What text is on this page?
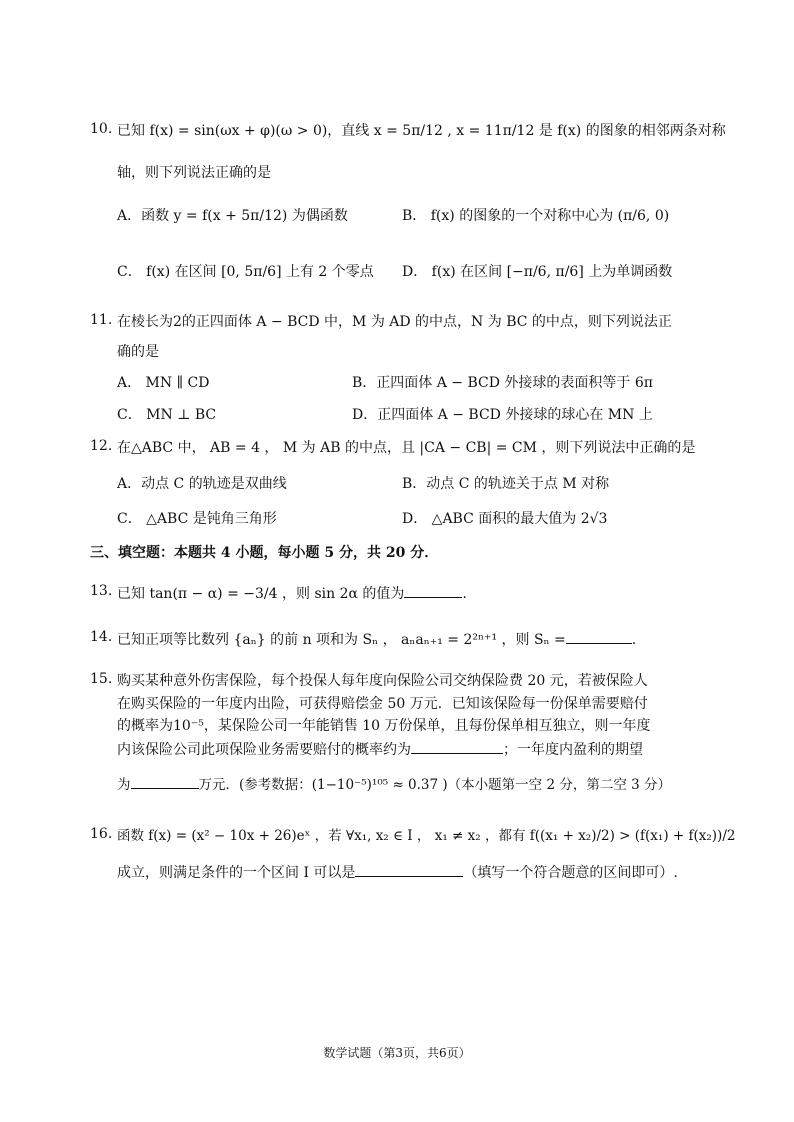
10. 已知 f(x) = sin(ωx + φ)(ω > 0)，直线 x = 5π/12 , x = 11π/12 是 f(x) 的图象的相邻两条对称
轴，则下列说法正确的是
A．函数 y = f(x + 5π/12) 为偶函数	B． f(x) 的图象的一个对称中心为 (π/6, 0)
C． f(x) 在区间 [0, 5π/6] 上有 2 个零点 D． f(x) 在区间 [−π/6, π/6] 上为单调函数
11. 在棱长为2的正四面体 A − BCD 中，M 为 AD 的中点，N 为 BC 的中点，则下列说法正
确的是
A． MN ∥ CD	B．正四面体 A − BCD 外接球的表面积等于 6π
C． MN ⊥ BC	D．正四面体 A − BCD 外接球的球心在 MN 上
12. 在△ABC 中， AB = 4 ， M 为 AB 的中点，且 |CA − CB| = CM ，则下列说法中正确的是
A．动点 C 的轨迹是双曲线	B．动点 C 的轨迹关于点 M 对称
C． △ABC 是钝角三角形	D． △ABC 面积的最大值为 2√3
三、填空题：本题共 4 小题，每小题 5 分，共 20 分．
13. 已知 tan(π − α) = −3/4 ，则 sin 2α 的值为	.
14. 已知正项等比数列 {aₙ} 的前 n 项和为 Sₙ ， aₙaₙ₊₁ = 2²ⁿ⁺¹ ，则 Sₙ =	.
15. 购买某种意外伤害保险，每个投保人每年度向保险公司交纳保险费 20 元，若被保险人
在购买保险的一年度内出险，可获得赔偿金 50 万元．已知该保险每一份保单需要赔付
的概率为10⁻⁵，某保险公司一年能销售 10 万份保单，且每份保单相互独立，则一年度
内该保险公司此项保险业务需要赔付的概率约为	；一年度内盈利的期望
为	万元．(参考数据：(1−10⁻⁵)¹⁰⁵ ≈ 0.37 )（本小题第一空 2 分，第二空 3 分）
16. 函数 f(x) = (x² − 10x + 26)eˣ ，若 ∀x₁, x₂ ∈ I ， x₁ ≠ x₂ ，都有 f((x₁ + x₂)/2) > (f(x₁) + f(x₂))/2
成立，则满足条件的一个区间 I 可以是	（填写一个符合题意的区间即可）.
数学试题（第3页，共6页）
